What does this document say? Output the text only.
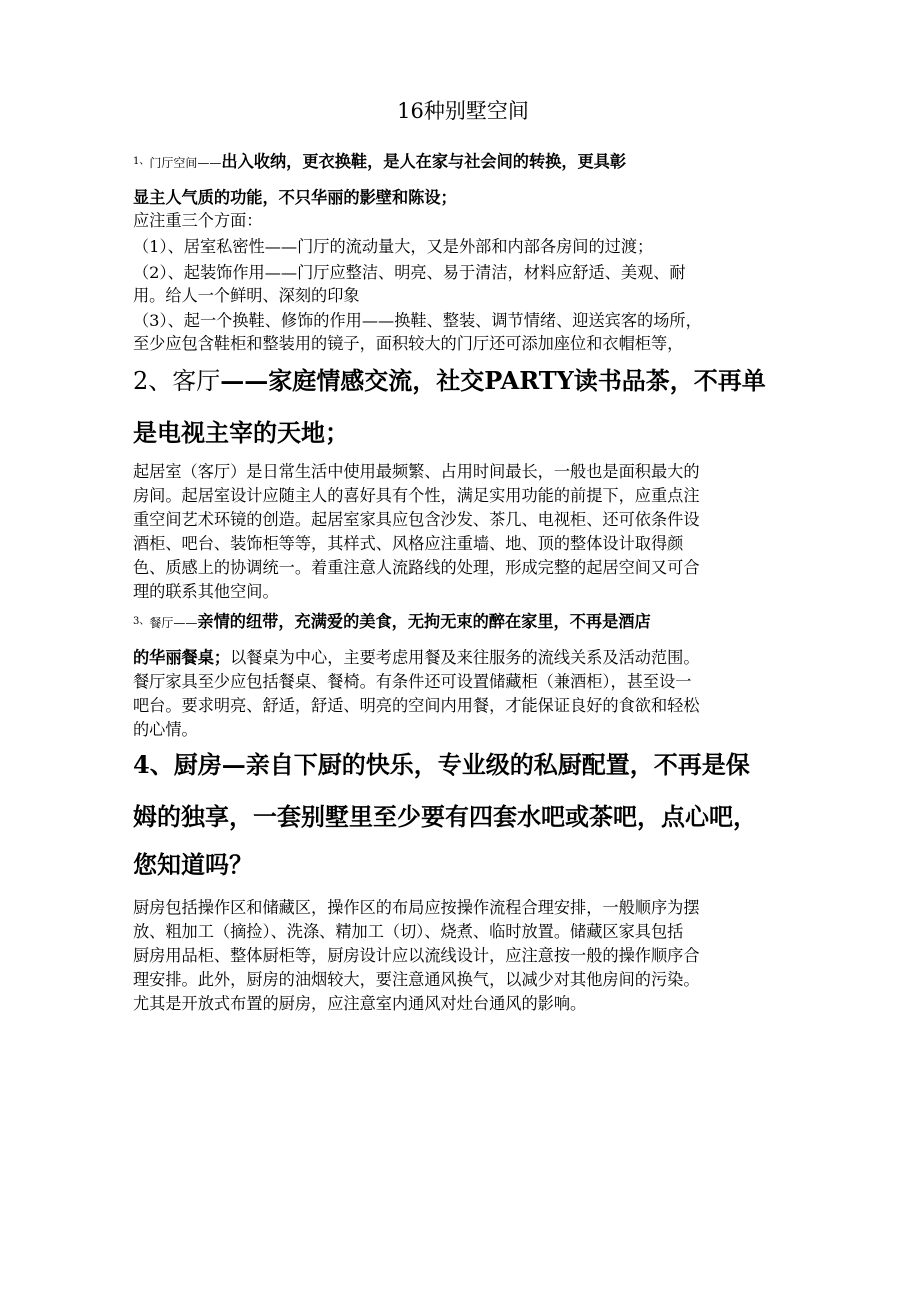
16种别墅空间

1、门厅空间——出入收纳，更衣换鞋，是人在家与社会间的转换，更具彰

显主人气质的功能，不只华丽的影壁和陈设；

应注重三个方面：

（1）、居室私密性——门厅的流动量大，又是外部和内部各房间的过渡；

（2）、起装饰作用——门厅应整洁、明亮、易于清洁，材料应舒适、美观、耐

用。给人一个鲜明、深刻的印象

（3）、起一个换鞋、修饰的作用——换鞋、整装、调节情绪、迎送宾客的场所，

至少应包含鞋柜和整装用的镜子，面积较大的门厅还可添加座位和衣帽柜等，

2、客厅——家庭情感交流，社交PARTY读书品茶，不再单

是电视主宰的天地；

起居室（客厅）是日常生活中使用最频繁、占用时间最长，一般也是面积最大的

房间。起居室设计应随主人的喜好具有个性，满足实用功能的前提下，应重点注

重空间艺术环镜的创造。起居室家具应包含沙发、茶几、电视柜、还可依条件设

酒柜、吧台、装饰柜等等，其样式、风格应注重墙、地、顶的整体设计取得颜

色、质感上的协调统一。着重注意人流路线的处理，形成完整的起居空间又可合

理的联系其他空间。

3、餐厅——亲情的纽带，充满爱的美食，无拘无束的醉在家里，不再是酒店

的华丽餐桌；以餐桌为中心，主要考虑用餐及来往服务的流线关系及活动范围。

餐厅家具至少应包括餐桌、餐椅。有条件还可设置储藏柜（兼酒柜），甚至设一

吧台。要求明亮、舒适，舒适、明亮的空间内用餐，才能保证良好的食欲和轻松

的心情。

4、厨房—亲自下厨的快乐，专业级的私厨配置，不再是保

姆的独享，一套别墅里至少要有四套水吧或茶吧，点心吧，

您知道吗？

厨房包括操作区和储藏区，操作区的布局应按操作流程合理安排，一般顺序为摆

放、粗加工（摘捡）、洗涤、精加工（切）、烧煮、临时放置。储藏区家具包括

厨房用品柜、整体厨柜等，厨房设计应以流线设计，应注意按一般的操作顺序合

理安排。此外，厨房的油烟较大，要注意通风换气，以减少对其他房间的污染。

尤其是开放式布置的厨房，应注意室内通风对灶台通风的影响。
